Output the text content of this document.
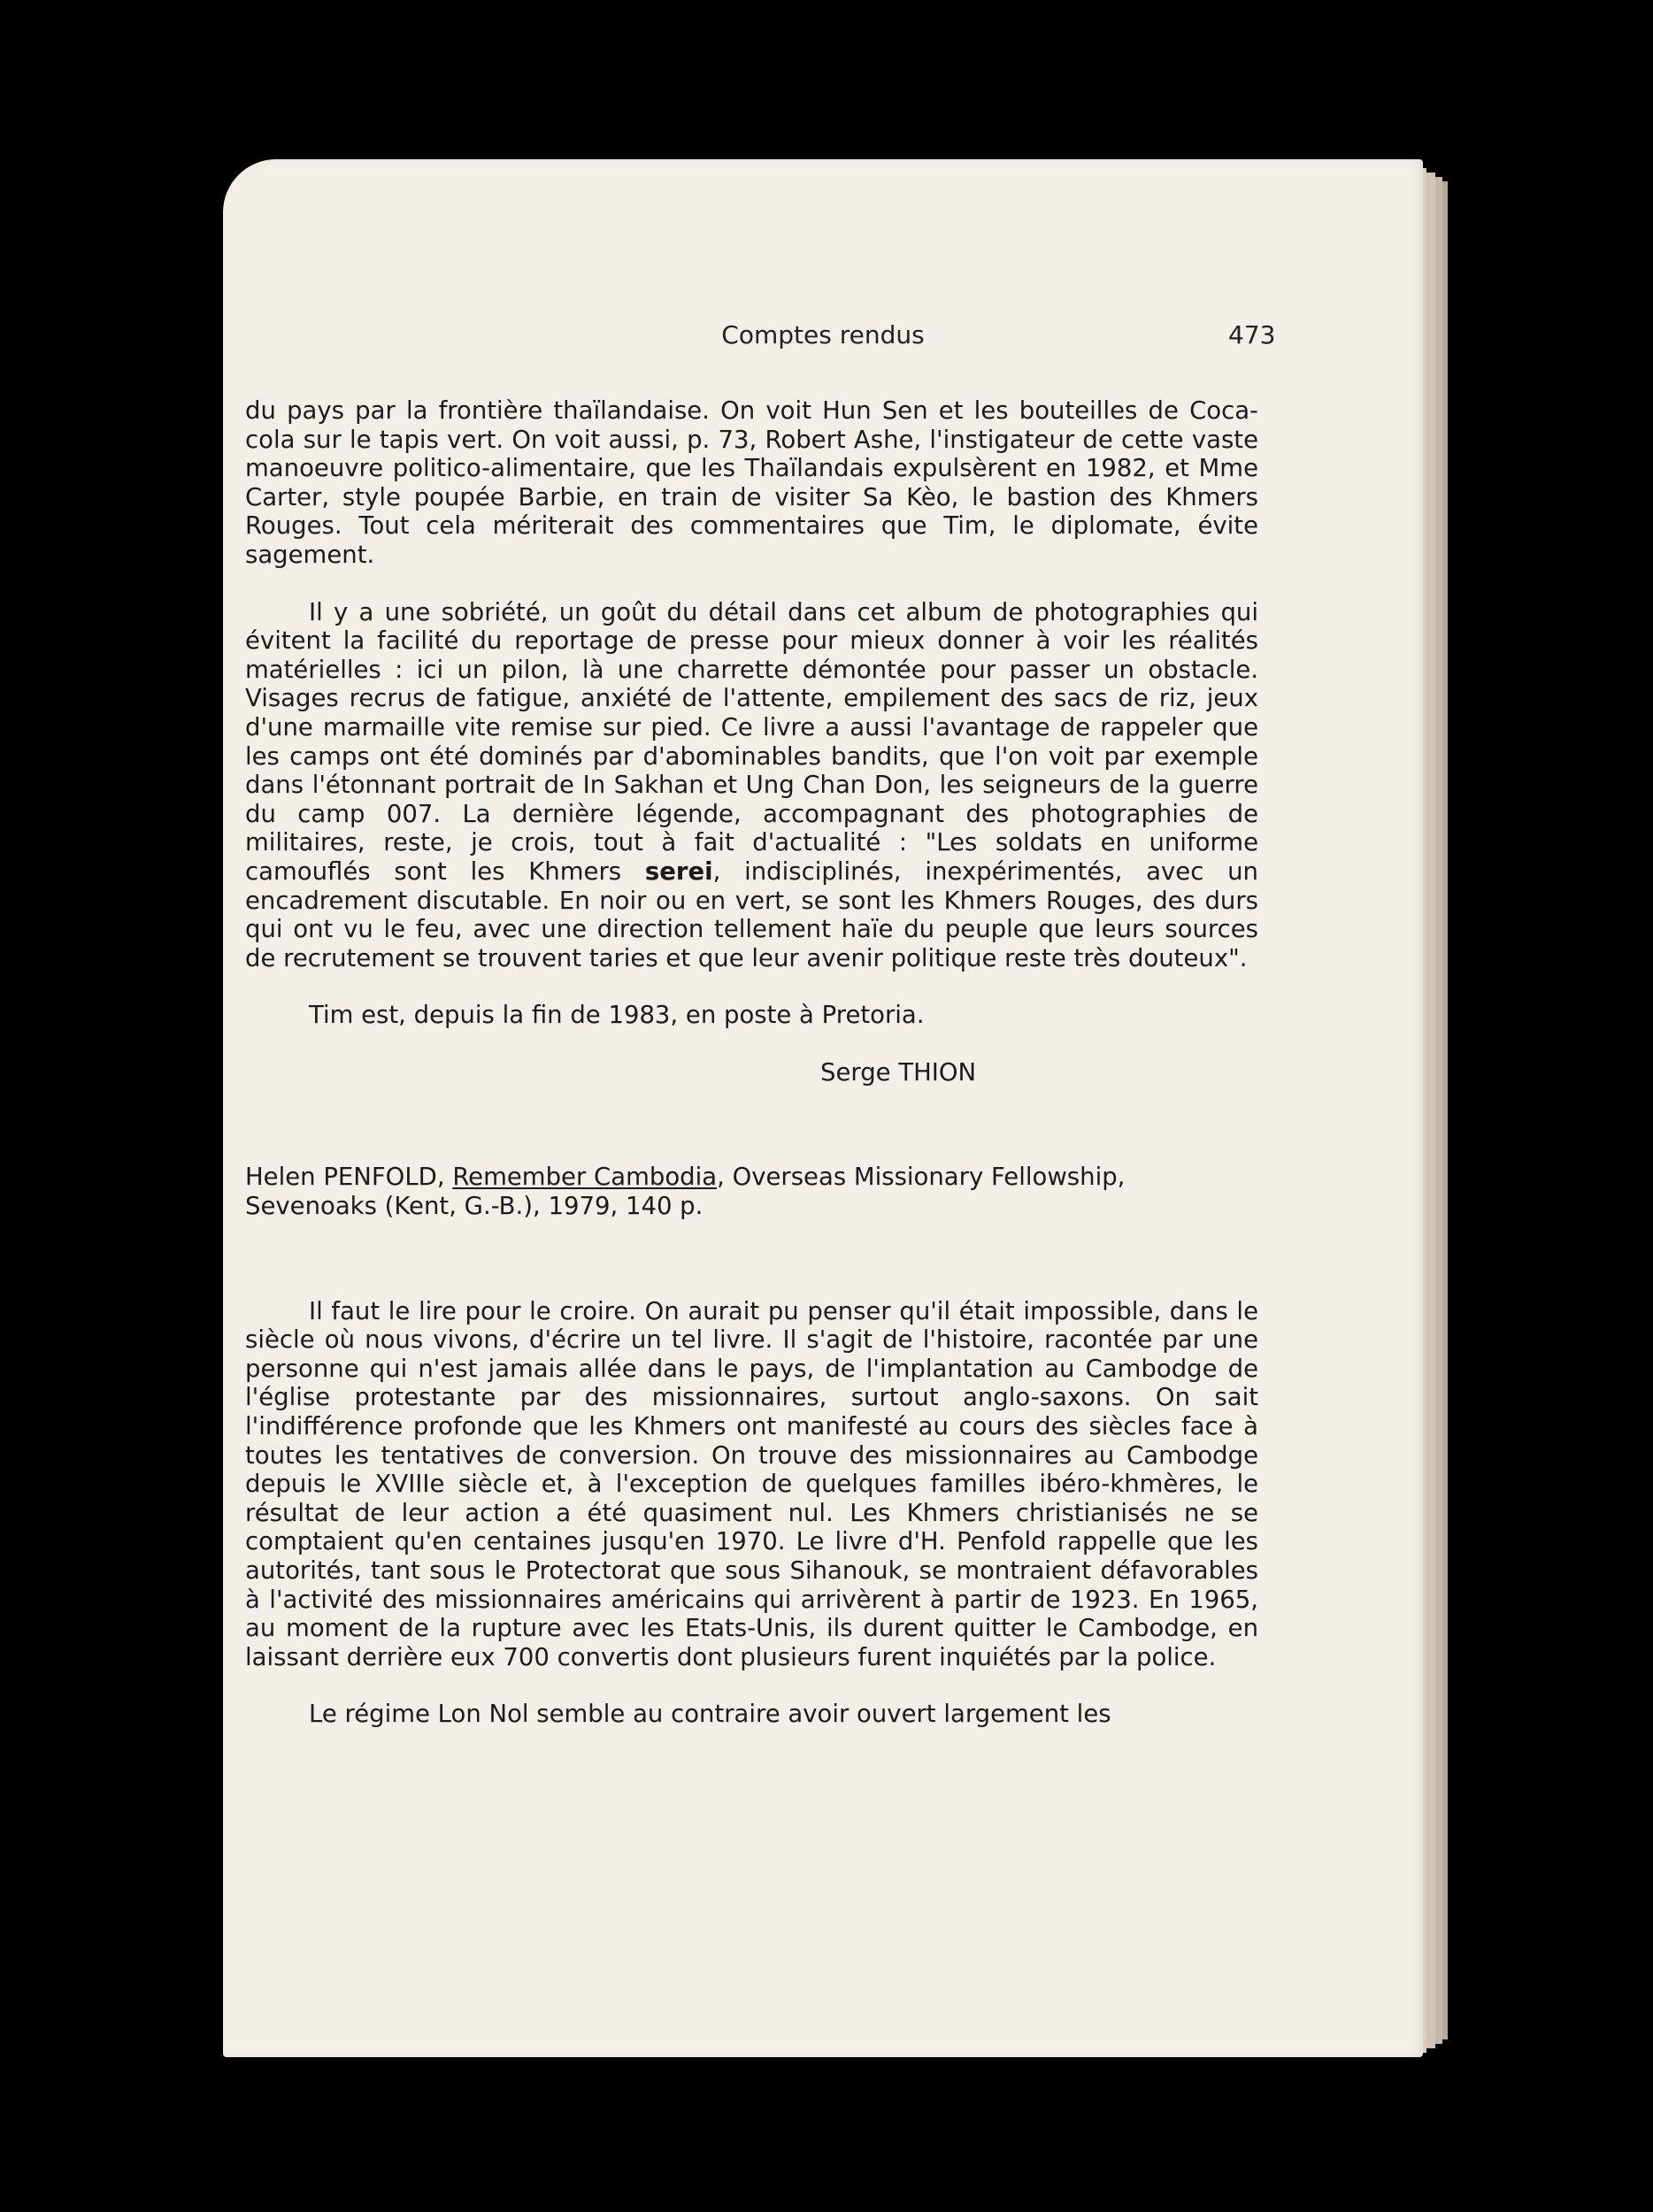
Comptes rendus	473

du pays par la frontière thaïlandaise. On voit Hun Sen et les bouteilles de Coca-cola sur le tapis vert. On voit aussi, p. 73, Robert Ashe, l'instigateur de cette vaste manoeuvre politico-alimentaire, que les Thaïlandais expulsèrent en 1982, et Mme Carter, style poupée Barbie, en train de visiter Sa Kèo, le bastion des Khmers Rouges. Tout cela mériterait des commentaires que Tim, le diplomate, évite sagement.

Il y a une sobriété, un goût du détail dans cet album de photographies qui évitent la facilité du reportage de presse pour mieux donner à voir les réalités matérielles : ici un pilon, là une charrette démontée pour passer un obstacle. Visages recrus de fatigue, anxiété de l'attente, empilement des sacs de riz, jeux d'une marmaille vite remise sur pied. Ce livre a aussi l'avantage de rappeler que les camps ont été dominés par d'abominables bandits, que l'on voit par exemple dans l'étonnant portrait de In Sakhan et Ung Chan Don, les seigneurs de la guerre du camp 007. La dernière légende, accompagnant des photographies de militaires, reste, je crois, tout à fait d'actualité : "Les soldats en uniforme camouflés sont les Khmers serei, indisciplinés, inexpérimentés, avec un encadrement discutable. En noir ou en vert, se sont les Khmers Rouges, des durs qui ont vu le feu, avec une direction tellement haïe du peuple que leurs sources de recrutement se trouvent taries et que leur avenir politique reste très douteux".

Tim est, depuis la fin de 1983, en poste à Pretoria.

Serge THION

Helen PENFOLD, Remember Cambodia, Overseas Missionary Fellowship, Sevenoaks (Kent, G.-B.), 1979, 140 p.

Il faut le lire pour le croire. On aurait pu penser qu'il était impossible, dans le siècle où nous vivons, d'écrire un tel livre. Il s'agit de l'histoire, racontée par une personne qui n'est jamais allée dans le pays, de l'implantation au Cambodge de l'église protestante par des missionnaires, surtout anglo-saxons. On sait l'indifférence profonde que les Khmers ont manifesté au cours des siècles face à toutes les tentatives de conversion. On trouve des missionnaires au Cambodge depuis le XVIIIe siècle et, à l'exception de quelques familles ibéro-khmères, le résultat de leur action a été quasiment nul. Les Khmers christianisés ne se comptaient qu'en centaines jusqu'en 1970. Le livre d'H. Penfold rappelle que les autorités, tant sous le Protectorat que sous Sihanouk, se montraient défavorables à l'activité des missionnaires américains qui arrivèrent à partir de 1923. En 1965, au moment de la rupture avec les Etats-Unis, ils durent quitter le Cambodge, en laissant derrière eux 700 convertis dont plusieurs furent inquiétés par la police.

Le régime Lon Nol semble au contraire avoir ouvert largement les
